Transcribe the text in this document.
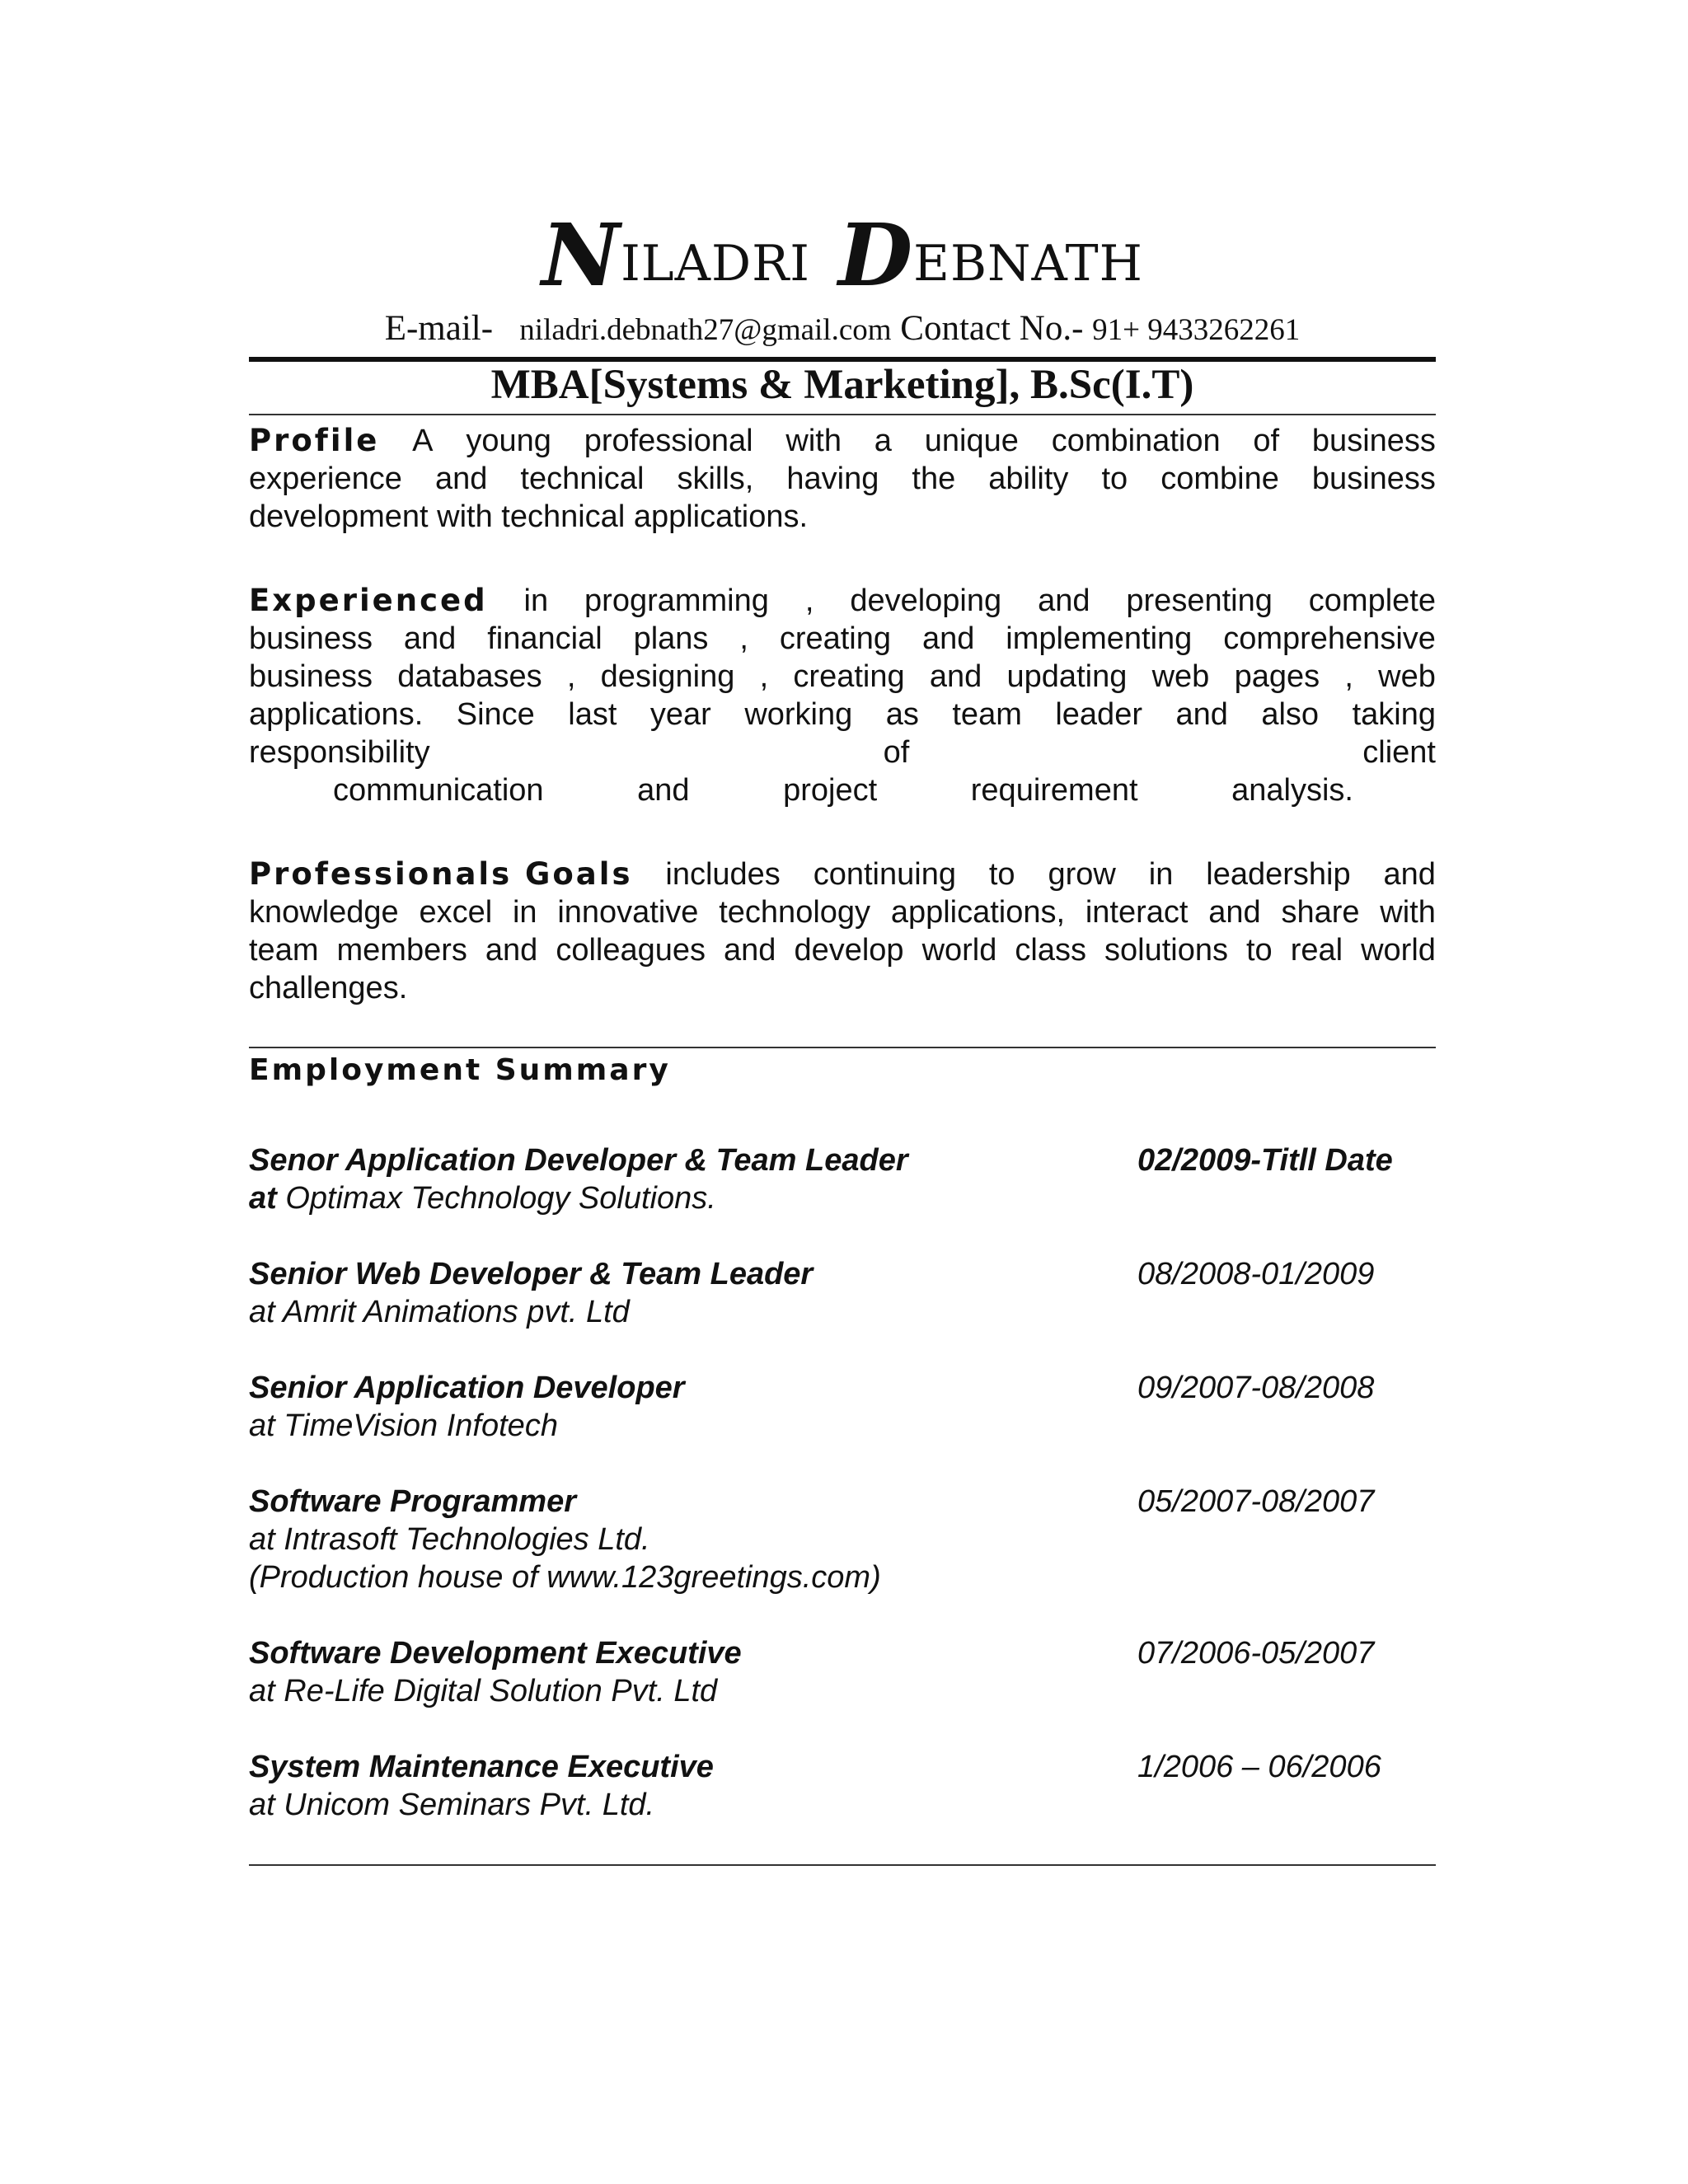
NILADRI DEBNATH
E-mail- niladri.debnath27@gmail.com Contact No.- 91+ 9433262261
MBA[Systems & Marketing], B.Sc(I.T)
Profile A young professional with a unique combination of business
experience and technical skills, having the ability to combine business
development with technical applications.
Experienced in programming , developing and presenting complete
business and financial plans , creating and implementing comprehensive
business databases , designing , creating and updating web pages , web
applications. Since last year working as team leader and also taking
responsibility	of	client
communication	and	project	requirement	analysis.
Professionals Goals includes continuing to grow in leadership and
knowledge excel in innovative technology applications, interact and share with
team members and colleagues and develop world class solutions to real world
challenges.
Employment Summary
Senor Application Developer & Team Leader	02/2009-Titll Date
at Optimax Technology Solutions.
Senior Web Developer & Team Leader	08/2008-01/2009
at Amrit Animations pvt. Ltd
Senior Application Developer	09/2007-08/2008
at TimeVision Infotech
Software Programmer	05/2007-08/2007
at Intrasoft Technologies Ltd.
(Production house of www.123greetings.com)
Software Development Executive	07/2006-05/2007
at Re-Life Digital Solution Pvt. Ltd
System Maintenance Executive	1/2006 – 06/2006
at Unicom Seminars Pvt. Ltd.
